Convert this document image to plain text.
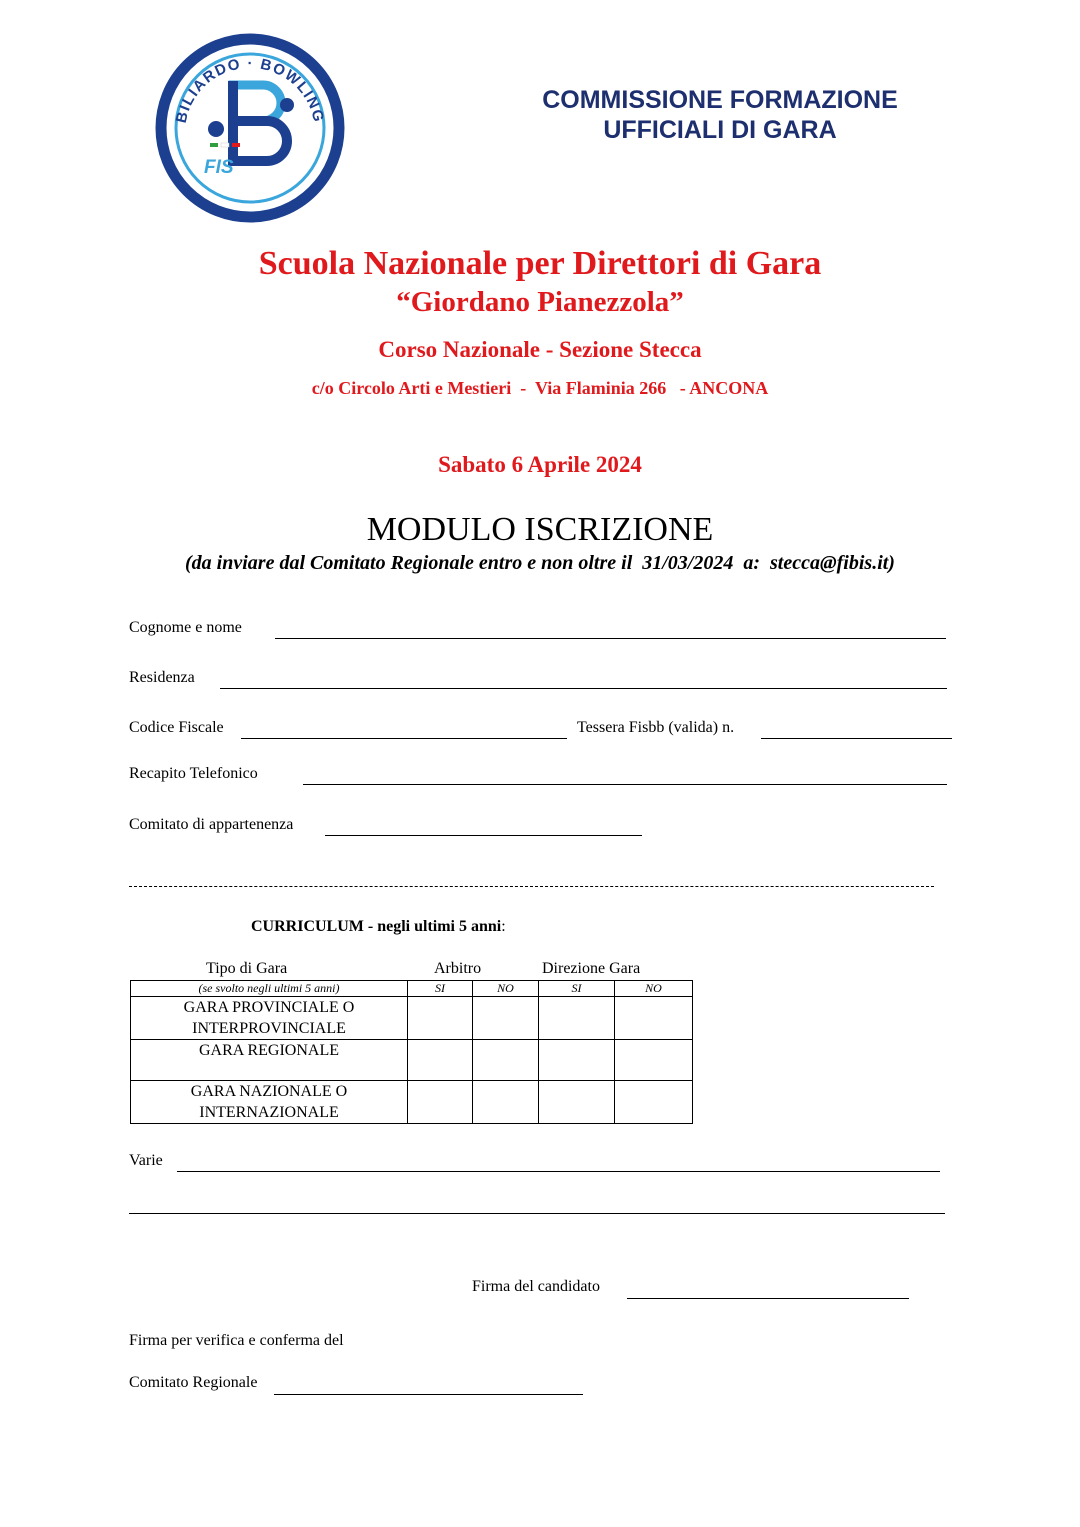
BILIARDO · BOWLING
FIS
COMMISSIONE FORMAZIONE
UFFICIALI DI GARA
Scuola Nazionale per Direttori di Gara
“Giordano Pianezzola”
Corso Nazionale - Sezione Stecca
c/o Circolo Arti e Mestieri  -  Via Flaminia 266   - ANCONA
Sabato 6 Aprile 2024
MODULO ISCRIZIONE
(da inviare dal Comitato Regionale entro e non oltre il  31/03/2024  a:  stecca@fibis.it)
Cognome e nome
Residenza
Codice Fiscale	Tessera Fisbb (valida) n.
Recapito Telefonico
Comitato di appartenenza
CURRICULUM - negli ultimi 5 anni:
Tipo di Gara	Arbitro	Direzione Gara
(se svolto negli ultimi 5 anni)	SI	NO	SI	NO

GARA PROVINCIALE O
INTERPROVINCIALE				

GARA REGIONALE				

GARA NAZIONALE O
INTERNAZIONALE				

Varie
Firma del candidato
Firma per verifica e conferma del
Comitato Regionale
